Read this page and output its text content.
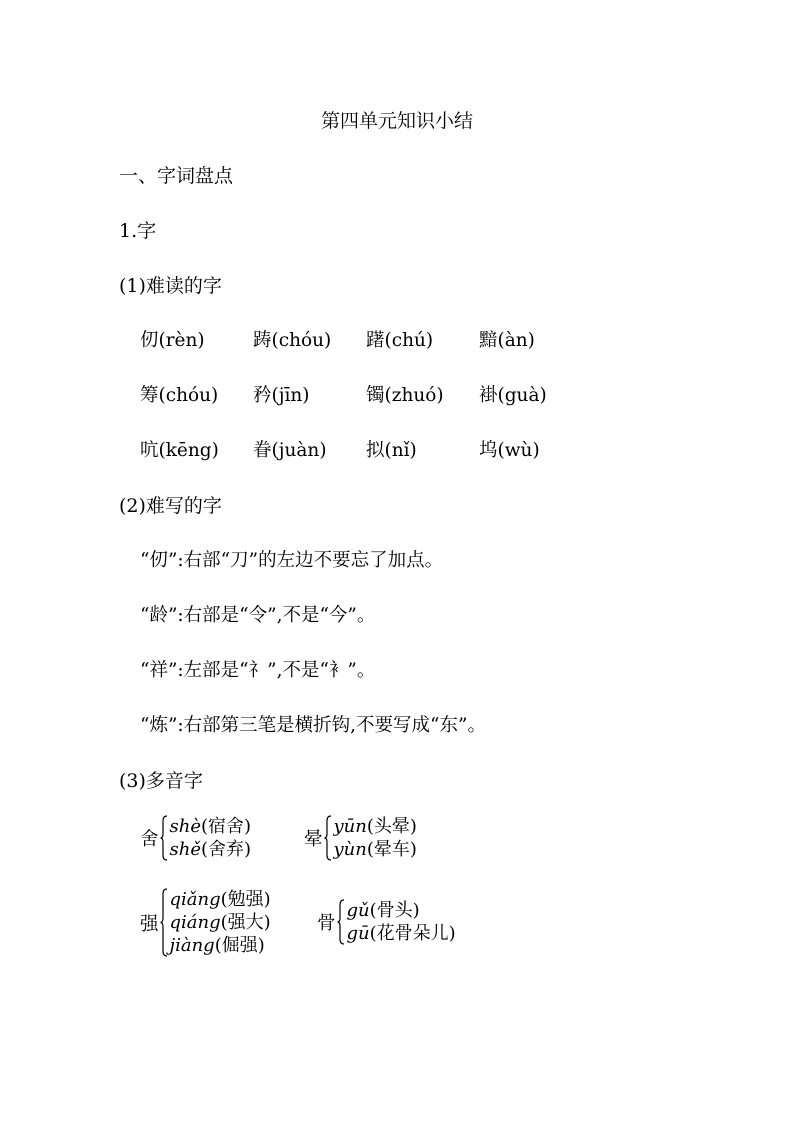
第四单元知识小结
一、字词盘点
1.字
(1)难读的字
仞(rèn)	踌(chóu) 躇(chú) 黯(àn)
筹(chóu) 矜(jīn)	镯(zhuó) 褂(guà)
吭(kēng) 眷(juàn) 拟(nǐ)	坞(wù)
(2)难写的字
“仞”:右部“刀”的左边不要忘了加点。
“龄”:右部是“令”,不是“今”。
“祥”:左部是“礻”,不是“衤”。
“炼”:右部第三笔是横折钩,不要写成“东”。
(3)多音字
舍
shè(宿舍)
shě(舍弃)	晕
yūn(头晕)
yùn(晕车)
强
qiǎng(勉强)
qiáng(强大)
jiàng(倔强)
骨
gǔ(骨头)
gū(花骨朵儿)
